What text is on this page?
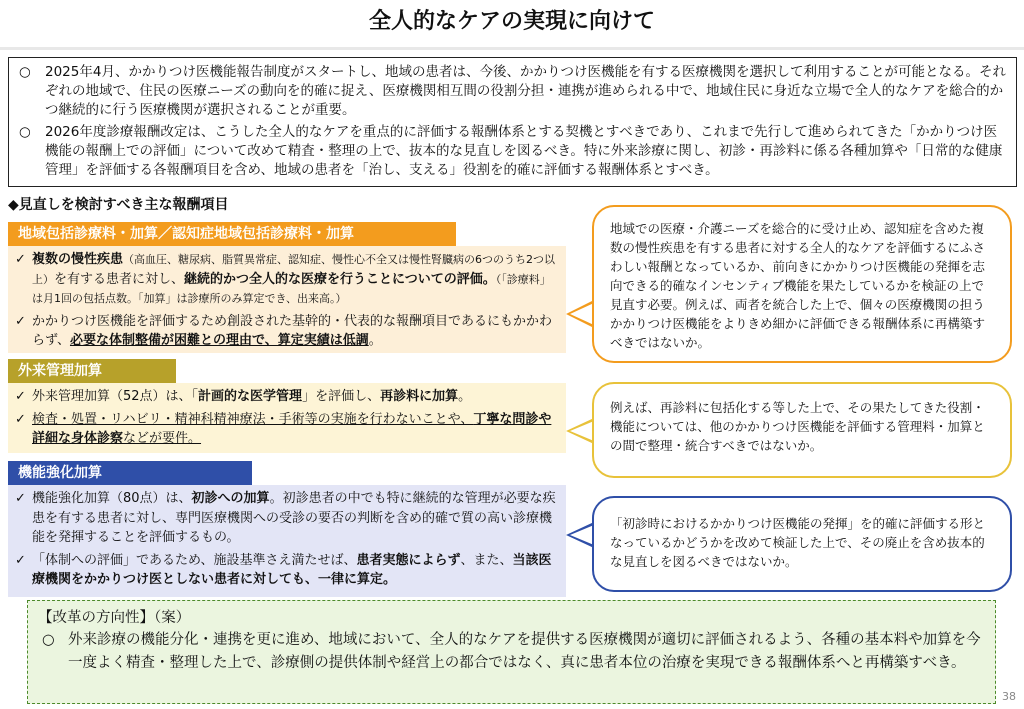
全人的なケアの実現に向けて
○ 2025年4月、かかりつけ医機能報告制度がスタートし、地域の患者は、今後、かかりつけ医機能を有する医療機関を選択して利用することが可能となる。それぞれの地域で、住民の医療ニーズの動向を的確に捉え、医療機関相互間の役割分担・連携が進められる中で、地域住民に身近な立場で全人的なケアを総合的かつ継続的に行う医療機関が選択されることが重要。
○ 2026年度診療報酬改定は、こうした全人的なケアを重点的に評価する報酬体系とする契機とすべきであり、これまで先行して進められてきた「かかりつけ医機能の報酬上での評価」について改めて精査・整理の上で、抜本的な見直しを図るべき。特に外来診療に関し、初診・再診料に係る各種加算や「日常的な健康管理」を評価する各報酬項目を含め、地域の患者を「治し、支える」役割を的確に評価する報酬体系とすべき。
◆見直しを検討すべき主な報酬項目
地域包括診療料・加算／認知症地域包括診療料・加算
✓ 複数の慢性疾患（高血圧、糖尿病、脂質異常症、認知症、慢性心不全又は慢性腎臓病の6つのうち2つ以上）を有する患者に対し、継続的かつ全人的な医療を行うことについての評価。（「診療料」は月1回の包括点数。「加算」は診療所のみ算定でき、出来高。）
✓ かかりつけ医機能を評価するため創設された基幹的・代表的な報酬項目であるにもかかわらず、必要な体制整備が困難との理由で、算定実績は低調。
外来管理加算
✓ 外来管理加算（52点）は、「計画的な医学管理」を評価し、再診料に加算。
✓ 検査・処置・リハビリ・精神科精神療法・手術等の実施を行わないことや、丁寧な問診や詳細な身体診察などが要件。
機能強化加算
✓ 機能強化加算（80点）は、初診への加算。初診患者の中でも特に継続的な管理が必要な疾患を有する患者に対し、専門医療機関への受診の要否の判断を含め的確で質の高い診療機能を発揮することを評価するもの。
✓ 「体制への評価」であるため、施設基準さえ満たせば、患者実態によらず、また、当該医療機関をかかりつけ医としない患者に対しても、一律に算定。
地域での医療・介護ニーズを総合的に受け止め、認知症を含めた複数の慢性疾患を有する患者に対する全人的なケアを評価するにふさわしい報酬となっているか、前向きにかかりつけ医機能の発揮を志向できる的確なインセンティブ機能を果たしているかを検証の上で見直す必要。例えば、両者を統合した上で、個々の医療機関の担うかかりつけ医機能をよりきめ細かに評価できる報酬体系に再構築すべきではないか。
例えば、再診料に包括化する等した上で、その果たしてきた役割・機能については、他のかかりつけ医機能を評価する管理料・加算との間で整理・統合すべきではないか。
「初診時におけるかかりつけ医機能の発揮」を的確に評価する形となっているかどうかを改めて検証した上で、その廃止を含め抜本的な見直しを図るべきではないか。
【改革の方向性】（案）
○ 外来診療の機能分化・連携を更に進め、地域において、全人的なケアを提供する医療機関が適切に評価されるよう、各種の基本料や加算を今一度よく精査・整理した上で、診療側の提供体制や経営上の都合ではなく、真に患者本位の治療を実現できる報酬体系へと再構築すべき。
38
